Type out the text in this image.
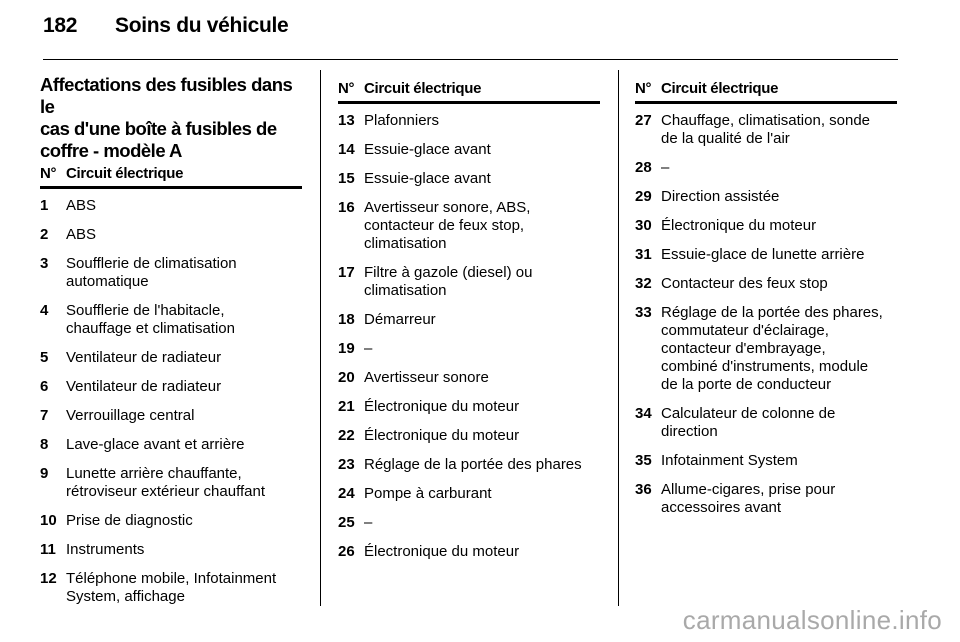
182	Soins du véhicule
Affectations des fusibles dans le
cas d'une boîte à fusibles de
coffre - modèle A
N° Circuit électrique
1	ABS
2	ABS
3	Soufflerie de climatisation
automatique
4	Soufflerie de l'habitacle,
chauffage et climatisation
5	Ventilateur de radiateur
6	Ventilateur de radiateur
7	Verrouillage central
8	Lave-glace avant et arrière
9	Lunette arrière chauffante,
rétroviseur extérieur chauffant
10 Prise de diagnostic
11 Instruments
12 Téléphone mobile, Infotainment
System, affichage
N° Circuit électrique
13 Plafonniers
14 Essuie-glace avant
15 Essuie-glace avant
16 Avertisseur sonore, ABS,
contacteur de feux stop,
climatisation
17 Filtre à gazole (diesel) ou
climatisation
18 Démarreur
19 –
20 Avertisseur sonore
21 Électronique du moteur
22 Électronique du moteur
23 Réglage de la portée des phares
24 Pompe à carburant
25 –
26 Électronique du moteur
N° Circuit électrique
27 Chauffage, climatisation, sonde
de la qualité de l'air
28 –
29 Direction assistée
30 Électronique du moteur
31 Essuie-glace de lunette arrière
32 Contacteur des feux stop
33 Réglage de la portée des phares,
commutateur d'éclairage,
contacteur d'embrayage,
combiné d'instruments, module
de la porte de conducteur
34 Calculateur de colonne de
direction
35 Infotainment System
36 Allume-cigares, prise pour
accessoires avant
carmanualsonline.info
